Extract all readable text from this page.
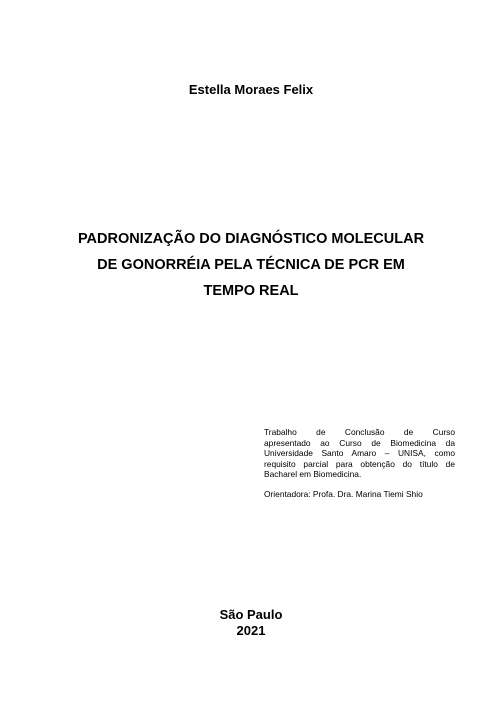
Estella Moraes Felix
PADRONIZAÇÃO DO DIAGNÓSTICO MOLECULAR
DE GONORRÉIA PELA TÉCNICA DE PCR EM
TEMPO REAL
Trabalho de Conclusão de Curso
apresentado ao Curso de Biomedicina da
Universidade Santo Amaro – UNISA, como
requisito parcial para obtenção do título de
Bacharel em Biomedicina.
Orientadora: Profa. Dra. Marina Tiemi Shio
São Paulo
2021
